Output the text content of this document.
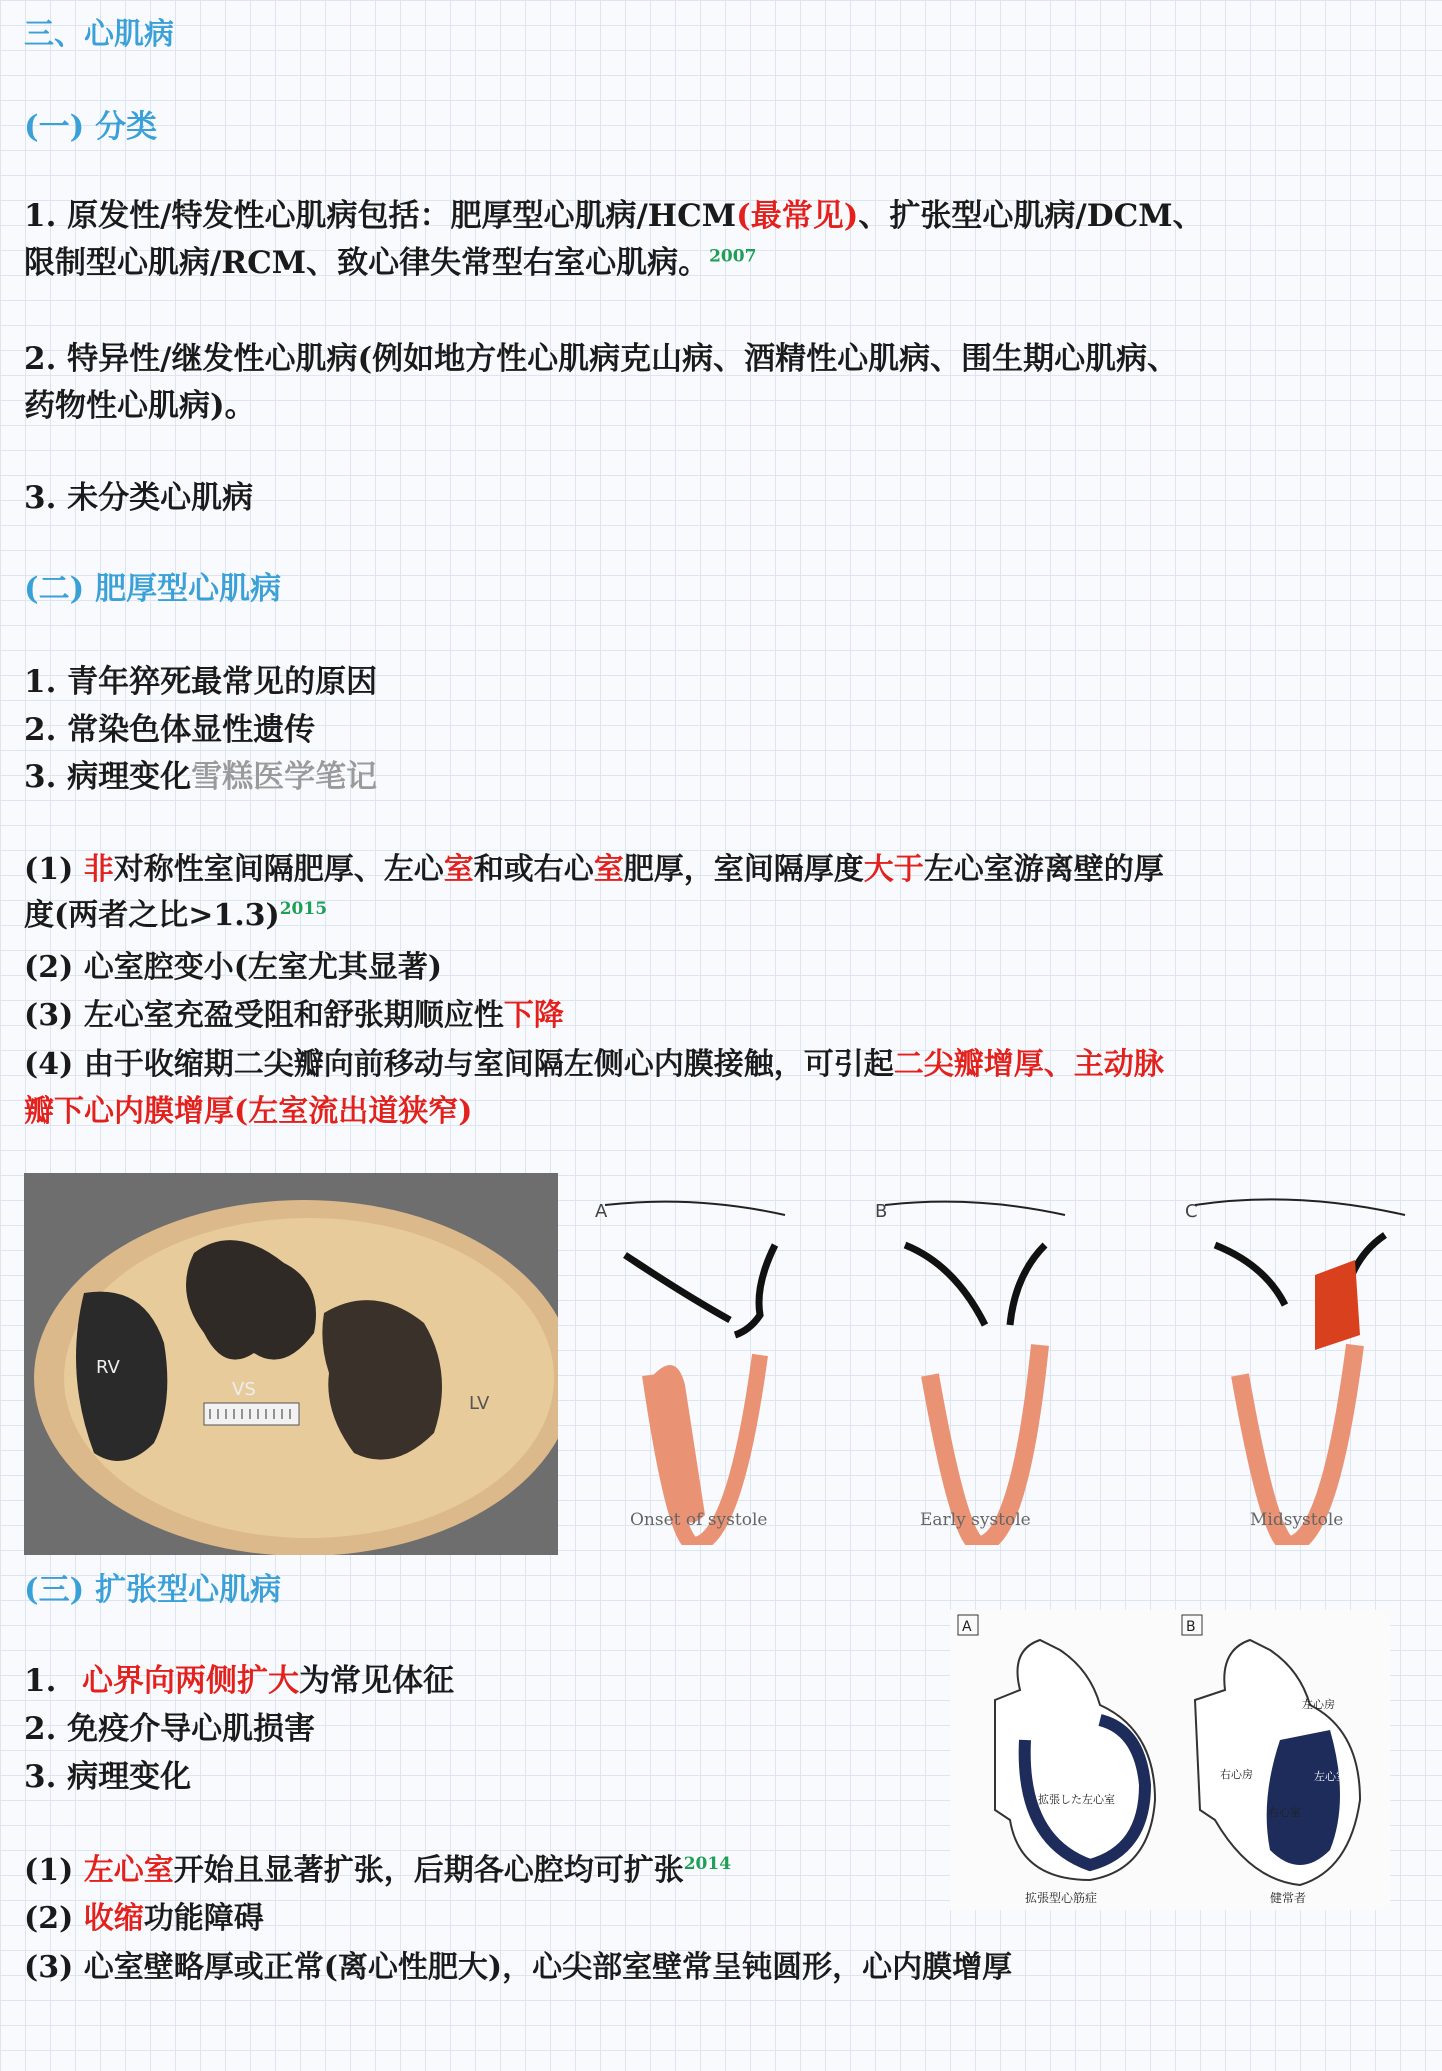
三、心肌病
(一) 分类
1. 原发性/特发性心肌病包括：肥厚型心肌病/HCM(最常见)、扩张型心肌病/DCM、
限制型心肌病/RCM、致心律失常型右室心肌病。$^{2007}$
2. 特异性/继发性心肌病(例如地方性心肌病克山病、酒精性心肌病、围生期心肌病、
药物性心肌病)。
3. 未分类心肌病
(二) 肥厚型心肌病
1. 青年猝死最常见的原因
2. 常染色体显性遗传
3. 病理变化雪糕医学笔记
(1) 非对称性室间隔肥厚、左心室和或右心室肥厚，室间隔厚度大于左心室游离壁的厚
度(两者之比>1.3)$^{2015}$
(2) 心室腔变小(左室尤其显著)
(3) 左心室充盈受阻和舒张期顺应性下降
(4) 由于收缩期二尖瓣向前移动与室间隔左侧心内膜接触，可引起二尖瓣增厚、主动脉
瓣下心内膜增厚(左室流出道狭窄)
RV
VS
LV
A
Onset of systole
B
Early systole
C
Midsystole
(三) 扩张型心肌病
1. 心界向两侧扩大为常见体征
2. 免疫介导心肌损害
3. 病理变化
(1) 左心室开始且显著扩张，后期各心腔均可扩张$^{2014}$
(2) 收缩功能障碍
(3) 心室壁略厚或正常(离心性肥大)，心尖部室壁常呈钝圆形，心内膜增厚
A	B
拡張した左心室
左心房
右心房	左心室
右心室
拡張型心筋症	健常者
